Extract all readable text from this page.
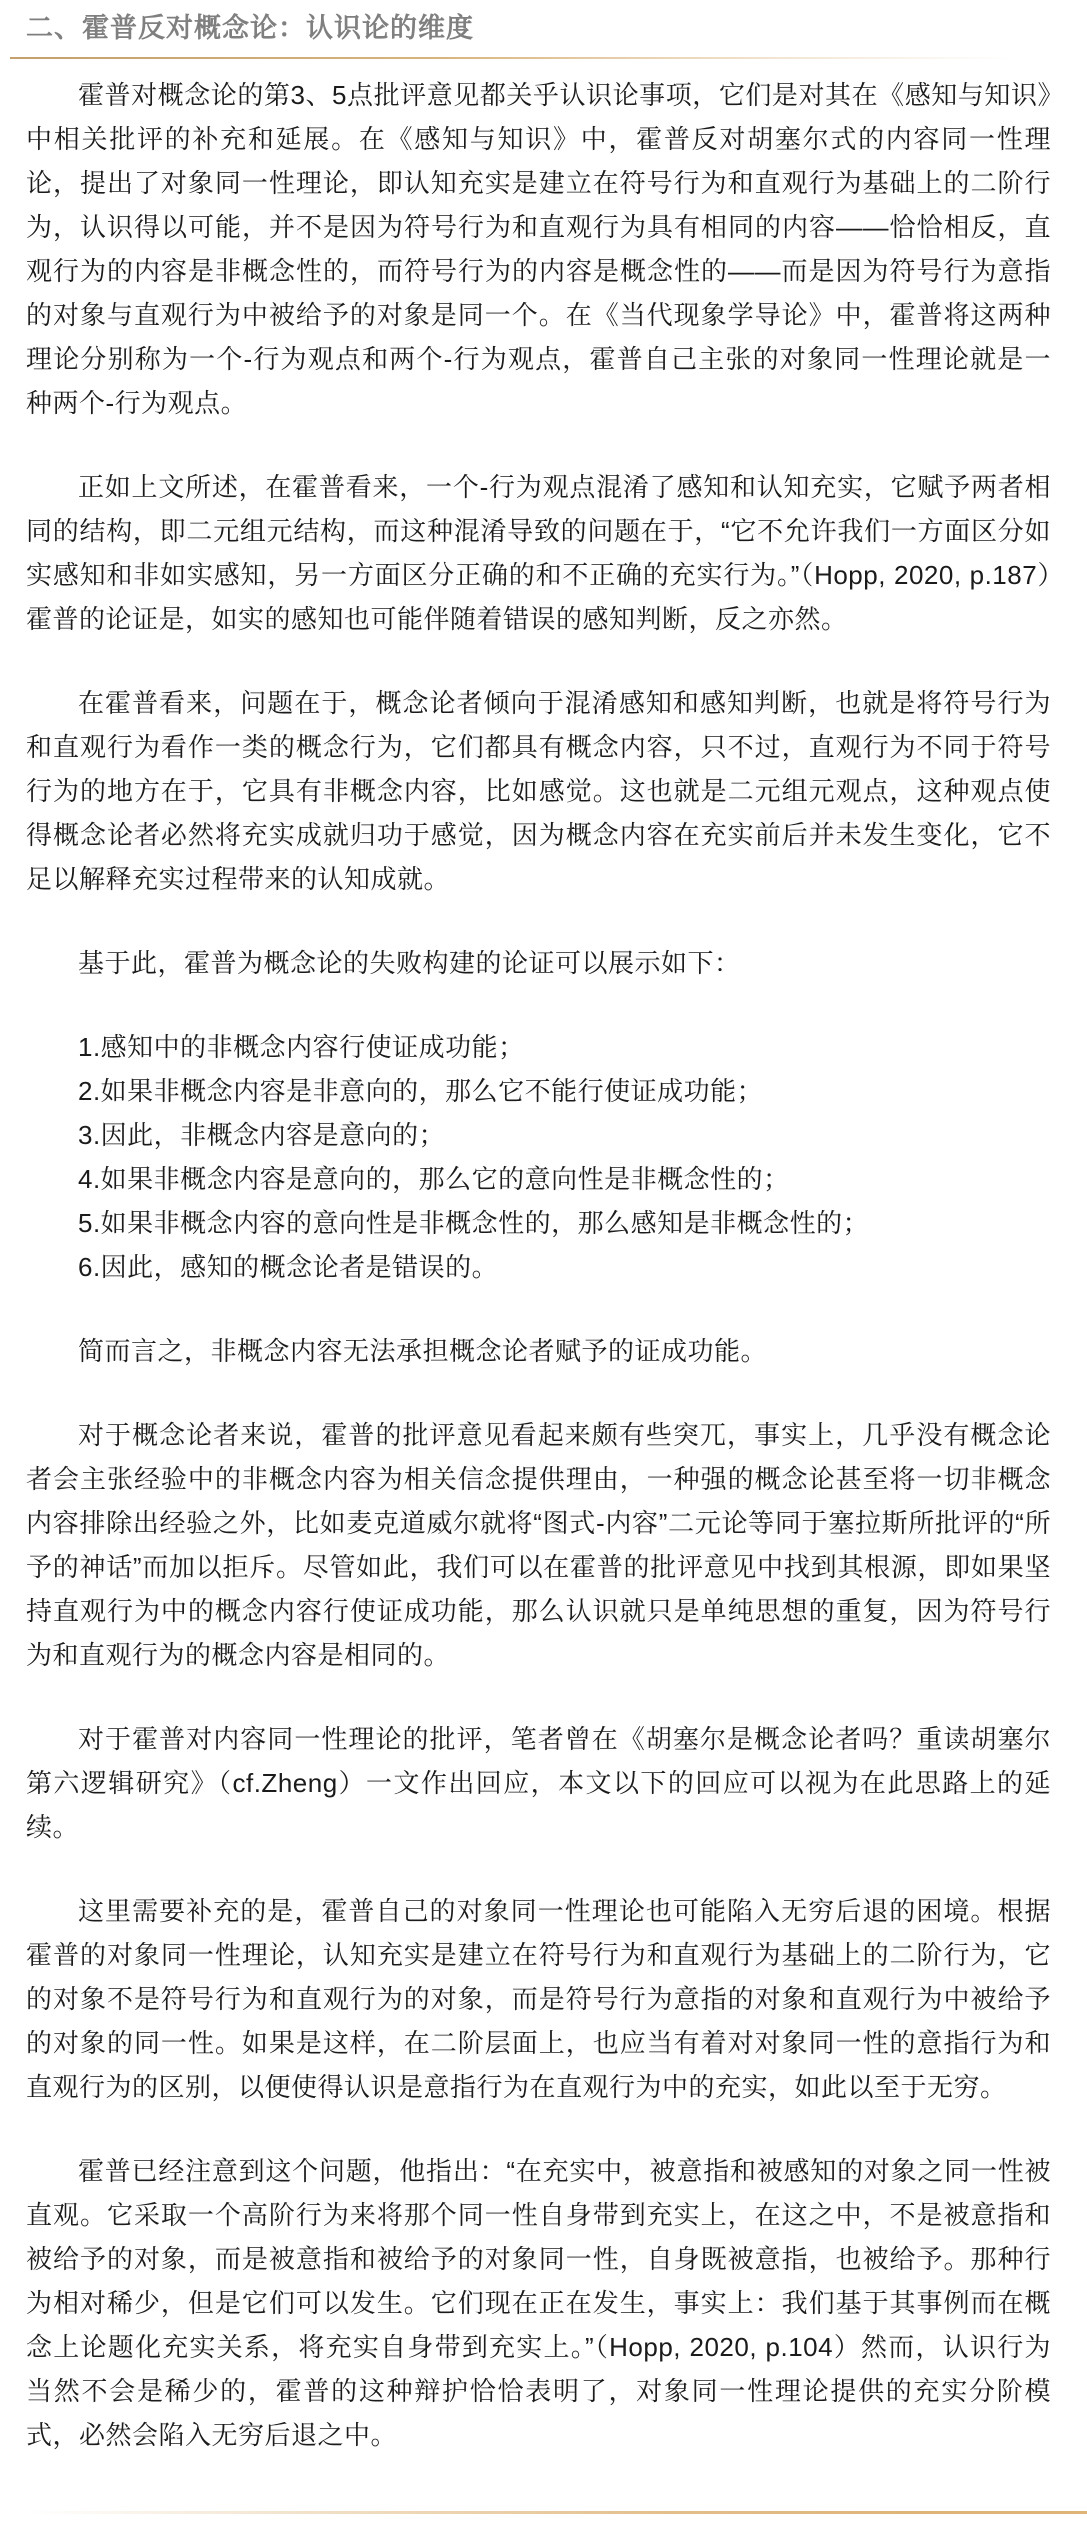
二、霍普反对概念论：认识论的维度

霍普对概念论的第3、5点批评意见都关乎认识论事项，它们是对其在《感知与知识》中相关批评的补充和延展。在《感知与知识》中，霍普反对胡塞尔式的内容同一性理论，提出了对象同一性理论，即认知充实是建立在符号行为和直观行为基础上的二阶行为，认识得以可能，并不是因为符号行为和直观行为具有相同的内容——恰恰相反，直观行为的内容是非概念性的，而符号行为的内容是概念性的——而是因为符号行为意指的对象与直观行为中被给予的对象是同一个。在《当代现象学导论》中，霍普将这两种理论分别称为一个-行为观点和两个-行为观点，霍普自己主张的对象同一性理论就是一种两个-行为观点。

正如上文所述，在霍普看来，一个-行为观点混淆了感知和认知充实，它赋予两者相同的结构，即二元组元结构，而这种混淆导致的问题在于，“它不允许我们一方面区分如实感知和非如实感知，另一方面区分正确的和不正确的充实行为。”（Hopp, 2020, p.187）霍普的论证是，如实的感知也可能伴随着错误的感知判断，反之亦然。

在霍普看来，问题在于，概念论者倾向于混淆感知和感知判断，也就是将符号行为和直观行为看作一类的概念行为，它们都具有概念内容，只不过，直观行为不同于符号行为的地方在于，它具有非概念内容，比如感觉。这也就是二元组元观点，这种观点使得概念论者必然将充实成就归功于感觉，因为概念内容在充实前后并未发生变化，它不足以解释充实过程带来的认知成就。

基于此，霍普为概念论的失败构建的论证可以展示如下：

1.感知中的非概念内容行使证成功能；

2.如果非概念内容是非意向的，那么它不能行使证成功能；

3.因此，非概念内容是意向的；

4.如果非概念内容是意向的，那么它的意向性是非概念性的；

5.如果非概念内容的意向性是非概念性的，那么感知是非概念性的；

6.因此，感知的概念论者是错误的。

简而言之，非概念内容无法承担概念论者赋予的证成功能。

对于概念论者来说，霍普的批评意见看起来颇有些突兀，事实上，几乎没有概念论者会主张经验中的非概念内容为相关信念提供理由，一种强的概念论甚至将一切非概念内容排除出经验之外，比如麦克道威尔就将“图式-内容”二元论等同于塞拉斯所批评的“所予的神话”而加以拒斥。尽管如此，我们可以在霍普的批评意见中找到其根源，即如果坚持直观行为中的概念内容行使证成功能，那么认识就只是单纯思想的重复，因为符号行为和直观行为的概念内容是相同的。

对于霍普对内容同一性理论的批评，笔者曾在《胡塞尔是概念论者吗？重读胡塞尔第六逻辑研究》（cf.Zheng）一文作出回应，本文以下的回应可以视为在此思路上的延续。

这里需要补充的是，霍普自己的对象同一性理论也可能陷入无穷后退的困境。根据霍普的对象同一性理论，认知充实是建立在符号行为和直观行为基础上的二阶行为，它的对象不是符号行为和直观行为的对象，而是符号行为意指的对象和直观行为中被给予的对象的同一性。如果是这样，在二阶层面上，也应当有着对对象同一性的意指行为和直观行为的区别，以便使得认识是意指行为在直观行为中的充实，如此以至于无穷。

霍普已经注意到这个问题，他指出：“在充实中，被意指和被感知的对象之同一性被直观。它采取一个高阶行为来将那个同一性自身带到充实上，在这之中，不是被意指和被给予的对象，而是被意指和被给予的对象同一性，自身既被意指，也被给予。那种行为相对稀少，但是它们可以发生。它们现在正在发生，事实上：我们基于其事例而在概念上论题化充实关系，将充实自身带到充实上。”（Hopp, 2020, p.104）然而，认识行为当然不会是稀少的，霍普的这种辩护恰恰表明了，对象同一性理论提供的充实分阶模式，必然会陷入无穷后退之中。
